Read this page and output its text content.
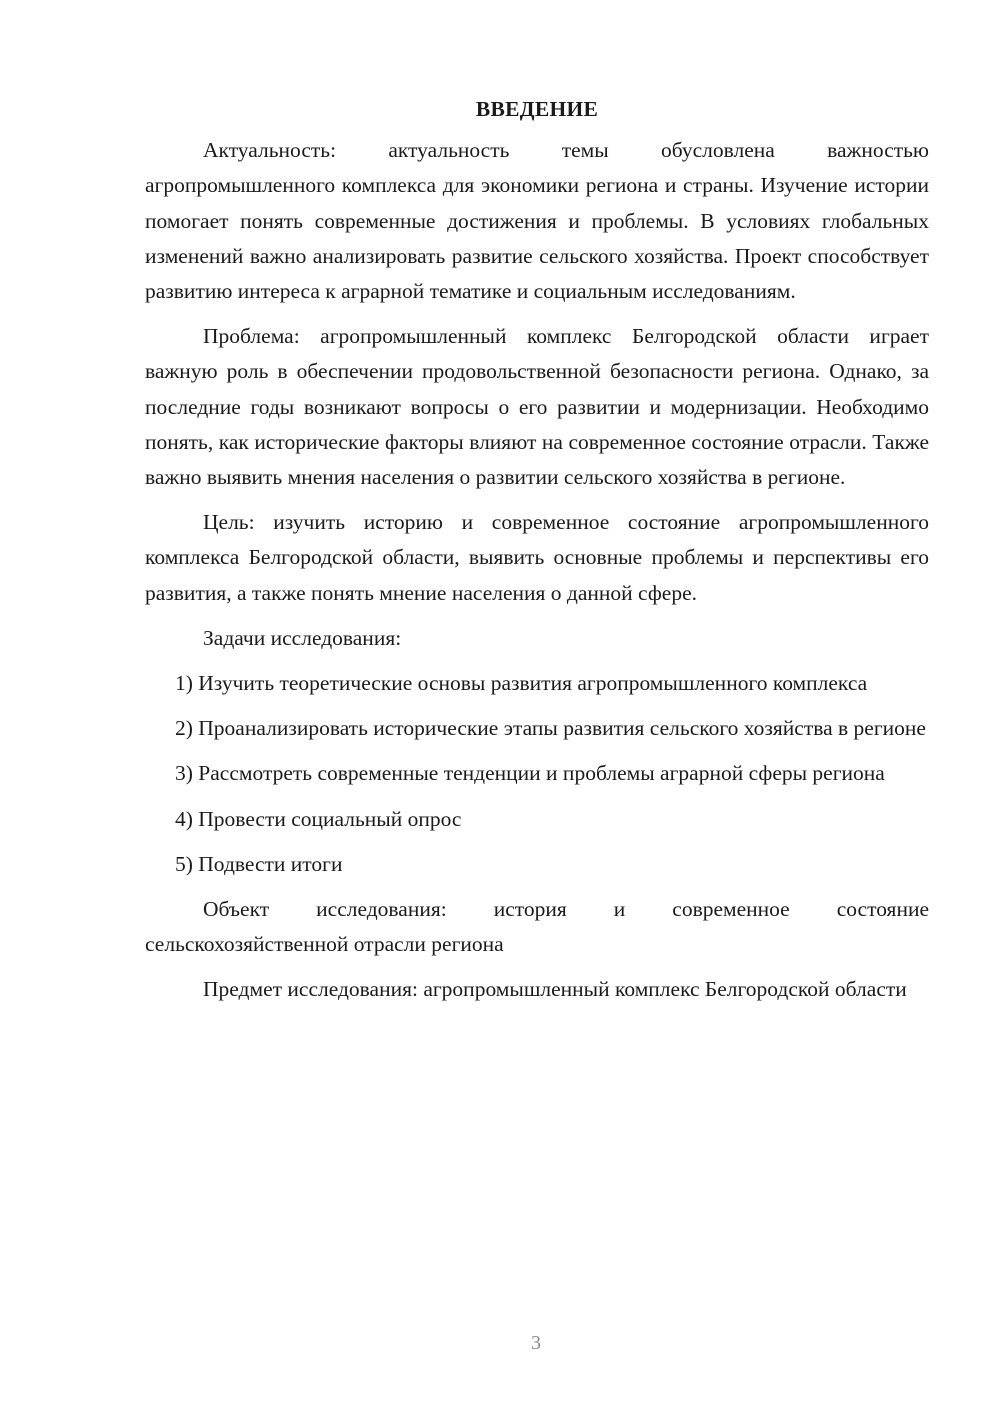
ВВЕДЕНИЕ

Актуальность: актуальность темы обусловлена важностью агропромышленного комплекса для экономики региона и страны. Изучение истории помогает понять современные достижения и проблемы. В условиях глобальных изменений важно анализировать развитие сельского хозяйства. Проект способствует развитию интереса к аграрной тематике и социальным исследованиям.

Проблема: агропромышленный комплекс Белгородской области играет важную роль в обеспечении продовольственной безопасности региона. Однако, за последние годы возникают вопросы о его развитии и модернизации. Необходимо понять, как исторические факторы влияют на современное состояние отрасли. Также важно выявить мнения населения о развитии сельского хозяйства в регионе.

Цель: изучить историю и современное состояние агропромышленного комплекса Белгородской области, выявить основные проблемы и перспективы его развития, а также понять мнение населения о данной сфере.

Задачи исследования:

1) Изучить теоретические основы развития агропромышленного комплекса

2) Проанализировать исторические этапы развития сельского хозяйства в регионе

3) Рассмотреть современные тенденции и проблемы аграрной сферы региона

4) Провести социальный опрос

5) Подвести итоги

Объект исследования: история и современное состояние сельскохозяйственной отрасли региона

Предмет исследования: агропромышленный комплекс Белгородской области

3
